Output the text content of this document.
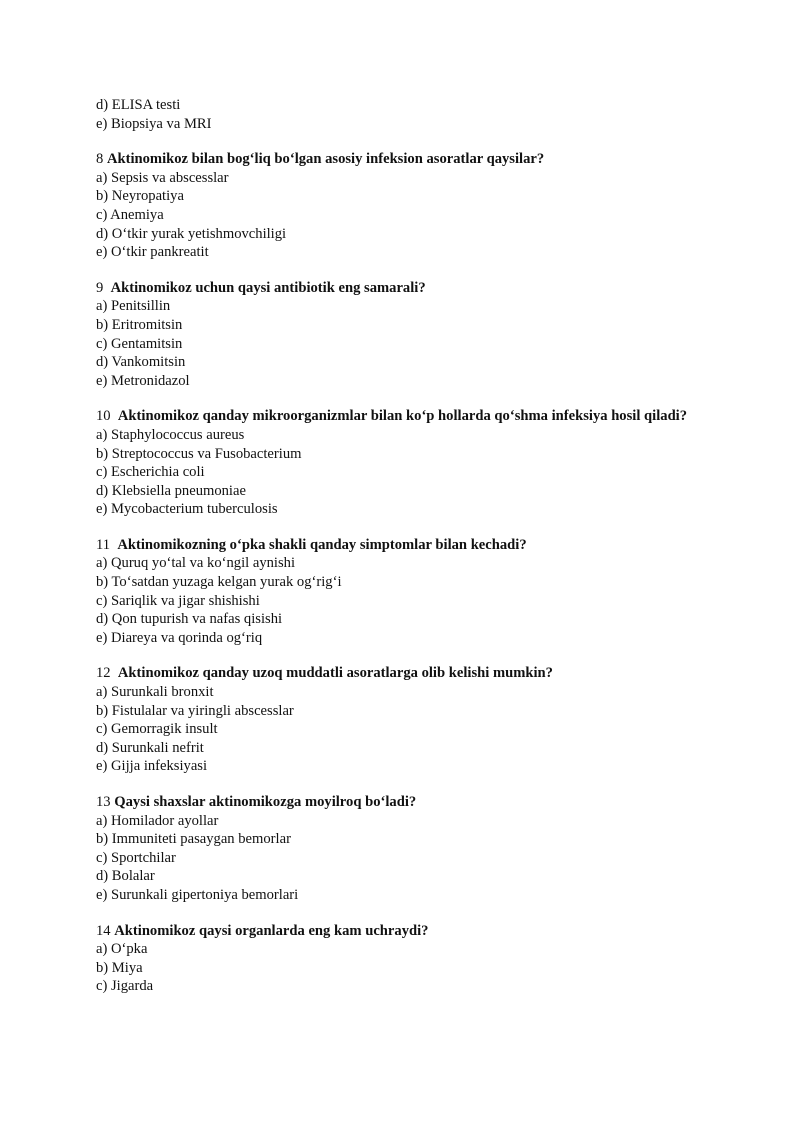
d) ELISA testi
e) Biopsiya va MRI
8 Aktinomikoz bilan bog‘liq bo‘lgan asosiy infeksion asoratlar qaysilar?
a) Sepsis va abscesslar
b) Neyropatiya
c) Anemiya
d) O‘tkir yurak yetishmovchiligi
e) O‘tkir pankreatit
9 Aktinomikoz uchun qaysi antibiotik eng samarali?
a) Penitsillin
b) Eritromitsin
c) Gentamitsin
d) Vankomitsin
e) Metronidazol
10 Aktinomikoz qanday mikroorganizmlar bilan ko‘p hollarda qo‘shma infeksiya hosil qiladi?
a) Staphylococcus aureus
b) Streptococcus va Fusobacterium
c) Escherichia coli
d) Klebsiella pneumoniae
e) Mycobacterium tuberculosis
11 Aktinomikozning o‘pka shakli qanday simptomlar bilan kechadi?
a) Quruq yo‘tal va ko‘ngil aynishi
b) To‘satdan yuzaga kelgan yurak og‘rig‘i
c) Sariqlik va jigar shishishi
d) Qon tupurish va nafas qisishi
e) Diareya va qorinda og‘riq
12 Aktinomikoz qanday uzoq muddatli asoratlarga olib kelishi mumkin?
a) Surunkali bronxit
b) Fistulalar va yiringli abscesslar
c) Gemorragik insult
d) Surunkali nefrit
e) Gijja infeksiyasi
13 Qaysi shaxslar aktinomikozga moyilroq bo‘ladi?
a) Homilador ayollar
b) Immuniteti pasaygan bemorlar
c) Sportchilar
d) Bolalar
e) Surunkali gipertoniya bemorlari
14 Aktinomikoz qaysi organlarda eng kam uchraydi?
a) O‘pka
b) Miya
c) Jigarda
